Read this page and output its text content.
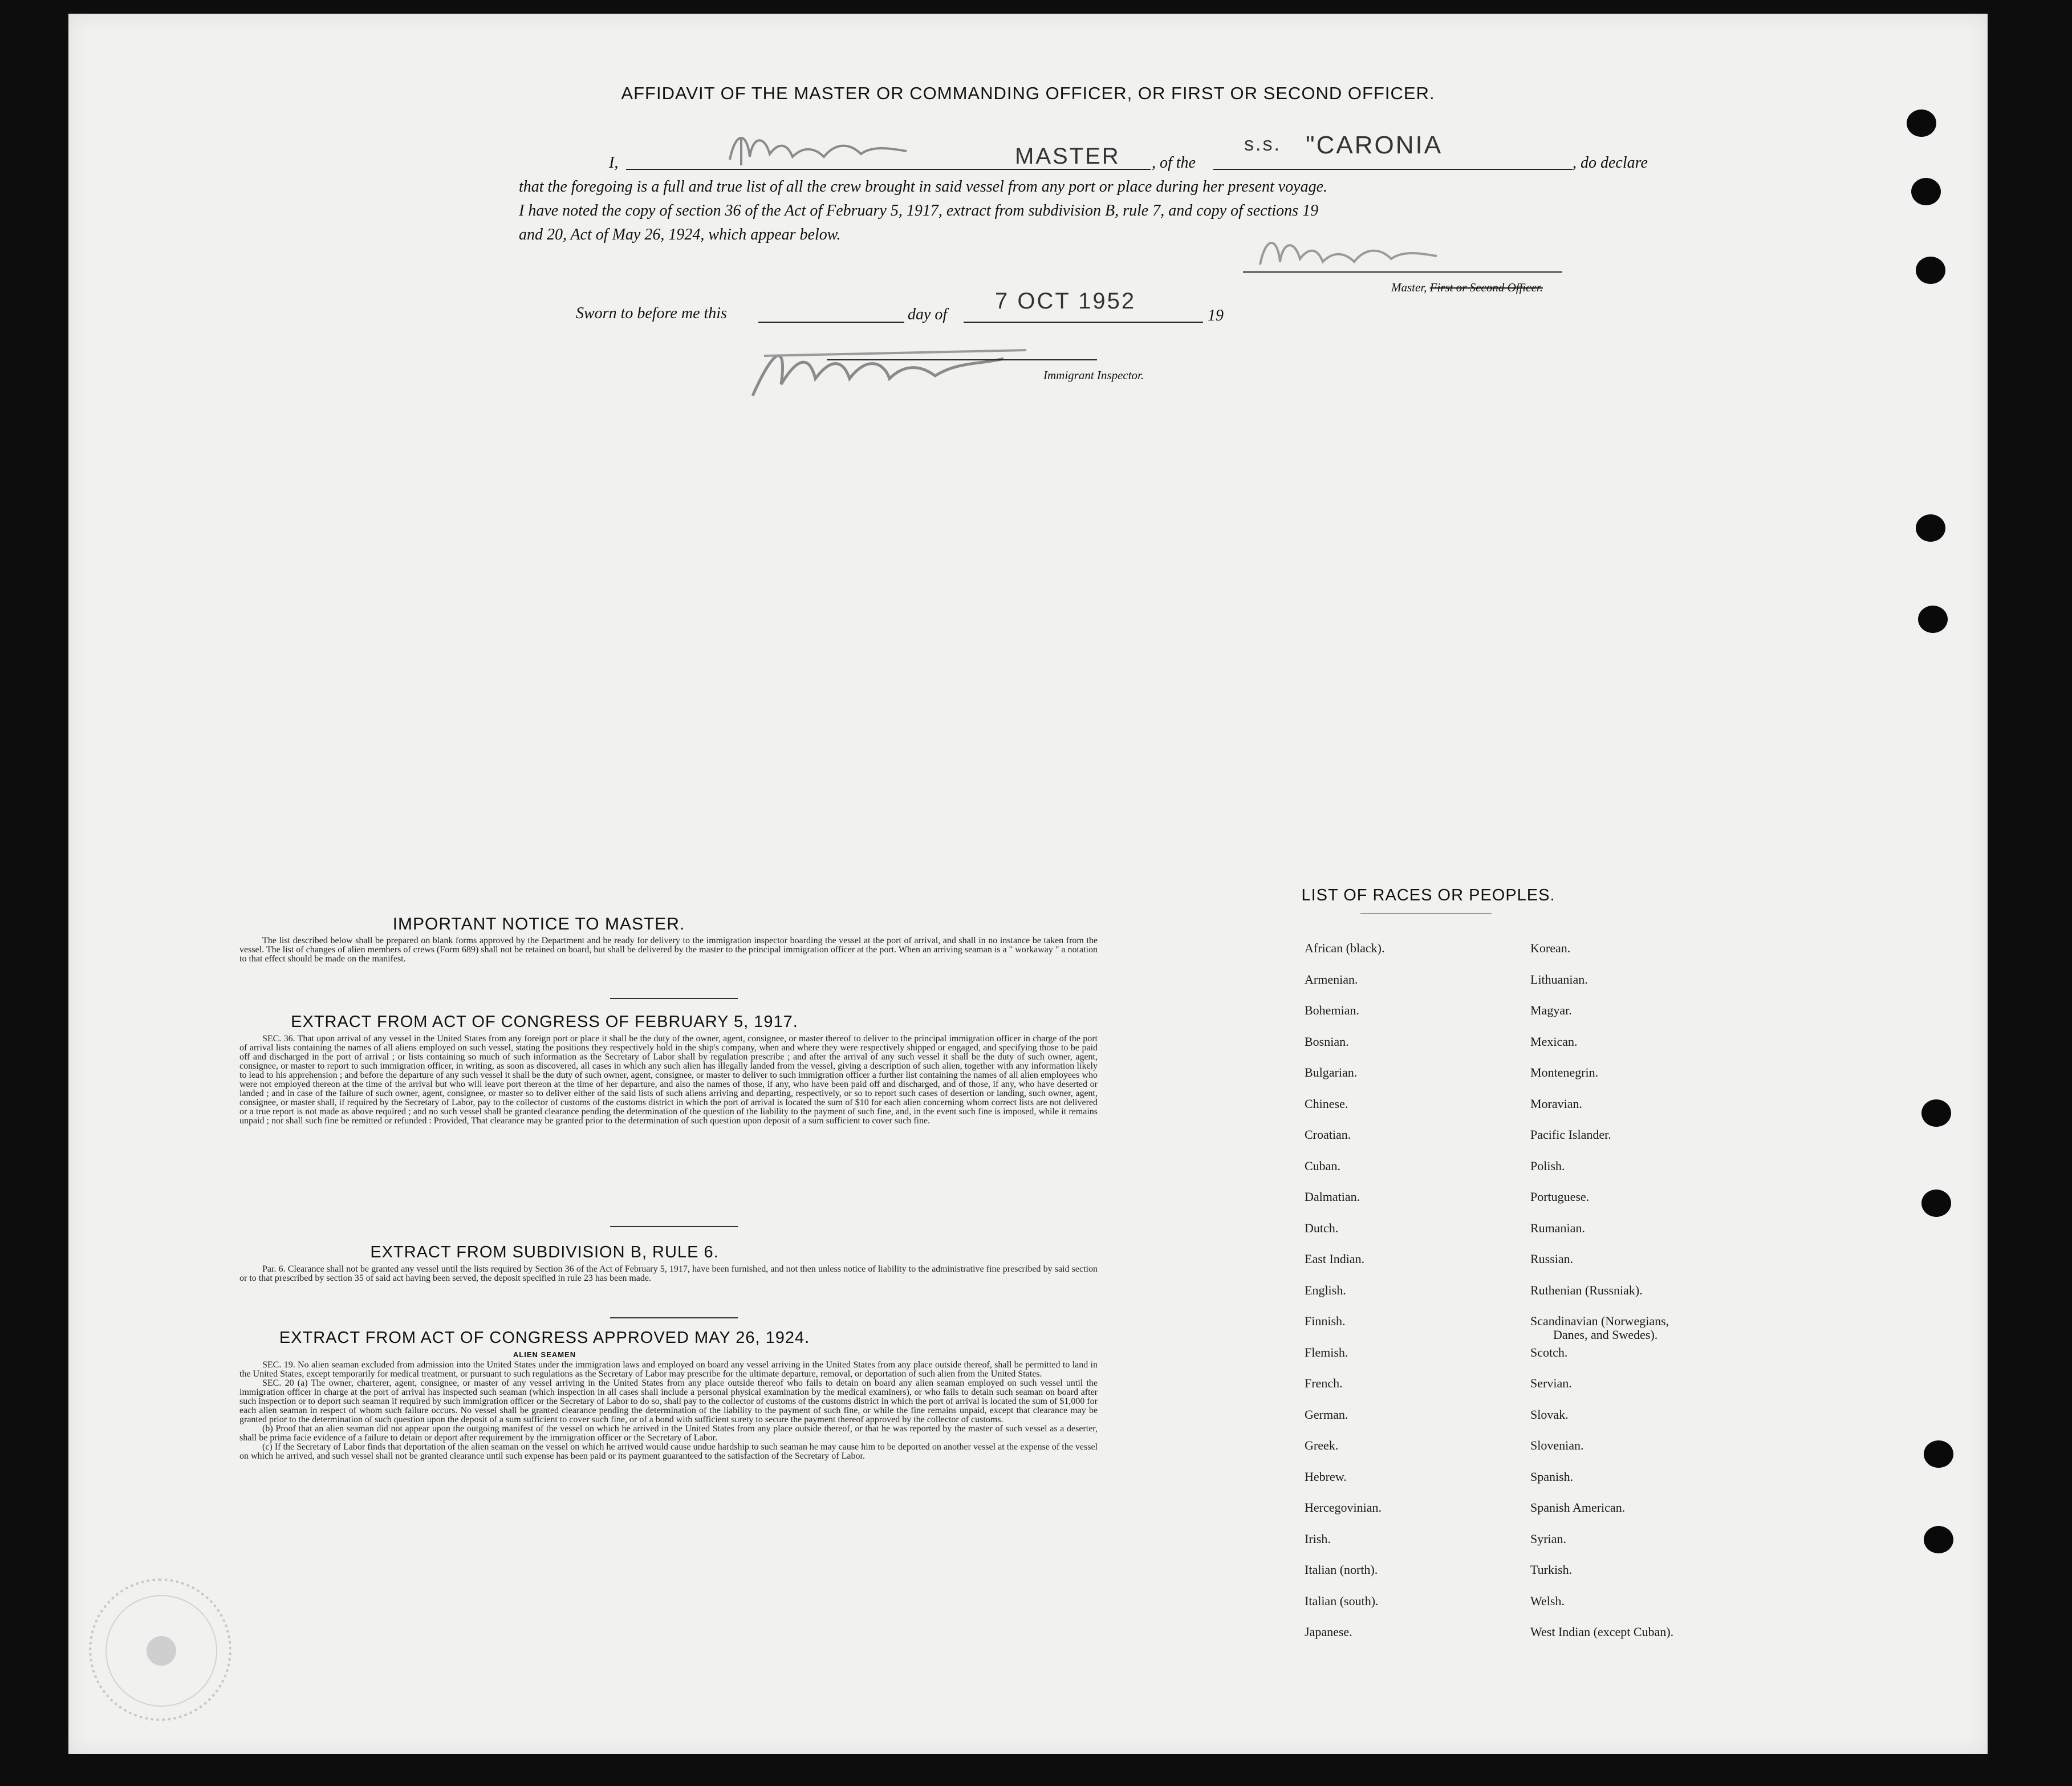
AFFIDAVIT OF THE MASTER OR COMMANDING OFFICER, OR FIRST OR SECOND OFFICER.
I,	MASTER , of the
s.s. "CARONIA
, do declare
that the foregoing is a full and true list of all the crew brought in said vessel from any port or place during her present voyage.
I have noted the copy of section 36 of the Act of February 5, 1917, extract from subdivision B, rule 7, and copy of sections 19
and 20, Act of May 26, 1924, which appear below.
Master, First or Second Officer.
Sworn to before me this	day of
7 OCT 1952
19
Immigrant Inspector.
IMPORTANT NOTICE TO MASTER.
The list described below shall be prepared on blank forms approved by the Department and be ready for delivery to the immigration inspector boarding the vessel at the port of arrival, and shall in no instance be taken from the vessel. The list of changes of alien members of crews (Form 689) shall not be retained on board, but shall be delivered by the master to the principal immigration officer at the port. When an arriving seaman is a " workaway " a notation to that effect should be made on the manifest.
EXTRACT FROM ACT OF CONGRESS OF FEBRUARY 5, 1917.
SEC. 36. That upon arrival of any vessel in the United States from any foreign port or place it shall be the duty of the owner, agent, consignee, or master thereof to deliver to the principal immigration officer in charge of the port of arrival lists containing the names of all aliens employed on such vessel, stating the positions they respectively hold in the ship's company, when and where they were respectively shipped or engaged, and specifying those to be paid off and discharged in the port of arrival ; or lists containing so much of such information as the Secretary of Labor shall by regulation prescribe ; and after the arrival of any such vessel it shall be the duty of such owner, agent, consignee, or master to report to such immigration officer, in writing, as soon as discovered, all cases in which any such alien has illegally landed from the vessel, giving a description of such alien, together with any information likely to lead to his apprehension ; and before the departure of any such vessel it shall be the duty of such owner, agent, consignee, or master to deliver to such immigration officer a further list containing the names of all alien employees who were not employed thereon at the time of the arrival but who will leave port thereon at the time of her departure, and also the names of those, if any, who have been paid off and discharged, and of those, if any, who have deserted or landed ; and in case of the failure of such owner, agent, consignee, or master so to deliver either of the said lists of such aliens arriving and departing, respectively, or so to report such cases of desertion or landing, such owner, agent, consignee, or master shall, if required by the Secretary of Labor, pay to the collector of customs of the customs district in which the port of arrival is located the sum of $10 for each alien concerning whom correct lists are not delivered or a true report is not made as above required ; and no such vessel shall be granted clearance pending the determination of the question of the liability to the payment of such fine, and, in the event such fine is imposed, while it remains unpaid ; nor shall such fine be remitted or refunded : Provided, That clearance may be granted prior to the determination of such question upon deposit of a sum sufficient to cover such fine.
EXTRACT FROM SUBDIVISION B, RULE 6.
Par. 6. Clearance shall not be granted any vessel until the lists required by Section 36 of the Act of February 5, 1917, have been furnished, and not then unless notice of liability to the administrative fine prescribed by said section or to that prescribed by section 35 of said act having been served, the deposit specified in rule 23 has been made.
EXTRACT FROM ACT OF CONGRESS APPROVED MAY 26, 1924.
ALIEN SEAMEN
SEC. 19. No alien seaman excluded from admission into the United States under the immigration laws and employed on board any vessel arriving in the United States from any place outside thereof, shall be permitted to land in the United States, except temporarily for medical treatment, or pursuant to such regulations as the Secretary of Labor may prescribe for the ultimate departure, removal, or deportation of such alien from the United States.
SEC. 20 (a) The owner, charterer, agent, consignee, or master of any vessel arriving in the United States from any place outside thereof who fails to detain on board any alien seaman employed on such vessel until the immigration officer in charge at the port of arrival has inspected such seaman (which inspection in all cases shall include a personal physical examination by the medical examiners), or who fails to detain such seaman on board after such inspection or to deport such seaman if required by such immigration officer or the Secretary of Labor to do so, shall pay to the collector of customs of the customs district in which the port of arrival is located the sum of $1,000 for each alien seaman in respect of whom such failure occurs. No vessel shall be granted clearance pending the determination of the liability to the payment of such fine, or while the fine remains unpaid, except that clearance may be granted prior to the determination of such question upon the deposit of a sum sufficient to cover such fine, or of a bond with sufficient surety to secure the payment thereof approved by the collector of customs.
(b) Proof that an alien seaman did not appear upon the outgoing manifest of the vessel on which he arrived in the United States from any place outside thereof, or that he was reported by the master of such vessel as a deserter, shall be prima facie evidence of a failure to detain or deport after requirement by the immigration officer or the Secretary of Labor.
(c) If the Secretary of Labor finds that deportation of the alien seaman on the vessel on which he arrived would cause undue hardship to such seaman he may cause him to be deported on another vessel at the expense of the vessel on which he arrived, and such vessel shall not be granted clearance until such expense has been paid or its payment guaranteed to the satisfaction of the Secretary of Labor.
LIST OF RACES OR PEOPLES.
African (black).
Armenian.
Bohemian.
Bosnian.
Bulgarian.
Chinese.
Croatian.
Cuban.
Dalmatian.
Dutch.
East Indian.
English.
Finnish.
Flemish.
French.
German.
Greek.
Hebrew.
Hercegovinian.
Irish.
Italian (north).
Italian (south).
Japanese.
Korean.
Lithuanian.
Magyar.
Mexican.
Montenegrin.
Moravian.
Pacific Islander.
Polish.
Portuguese.
Rumanian.
Russian.
Ruthenian (Russniak).
Scandinavian (Norwegians,
Scotch.
Servian.
Slovak.
Slovenian.
Spanish.
Spanish American.
Syrian.
Turkish.
Welsh.
West Indian (except Cuban).
Danes, and Swedes).
